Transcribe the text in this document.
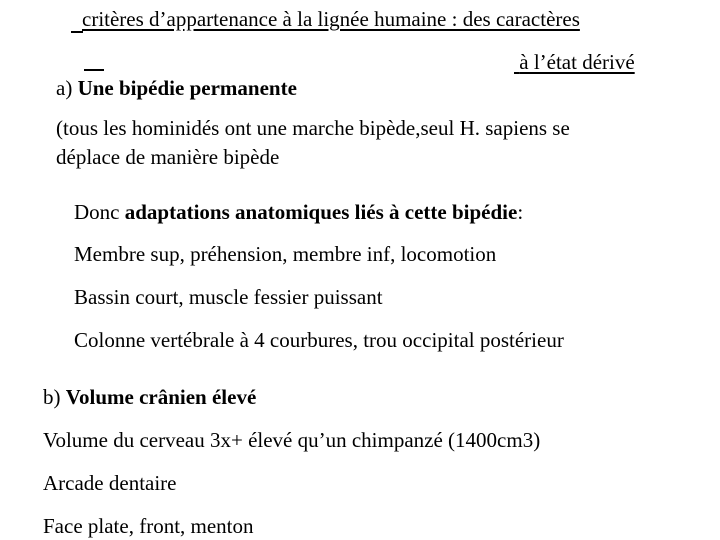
critères d’appartenance à la lignée humaine : des caractères
à l’état dérivé
a) Une bipédie permanente
(tous les hominidés ont une marche bipède,seul H. sapiens se
déplace de manière bipède
Donc adaptations anatomiques liés à cette bipédie:
Membre sup, préhension, membre inf, locomotion
Bassin court, muscle fessier puissant
Colonne vertébrale à 4 courbures, trou occipital postérieur
b) Volume crânien élevé
Volume du cerveau 3x+ élevé qu’un chimpanzé (1400cm3)
Arcade dentaire
Face plate, front, menton
